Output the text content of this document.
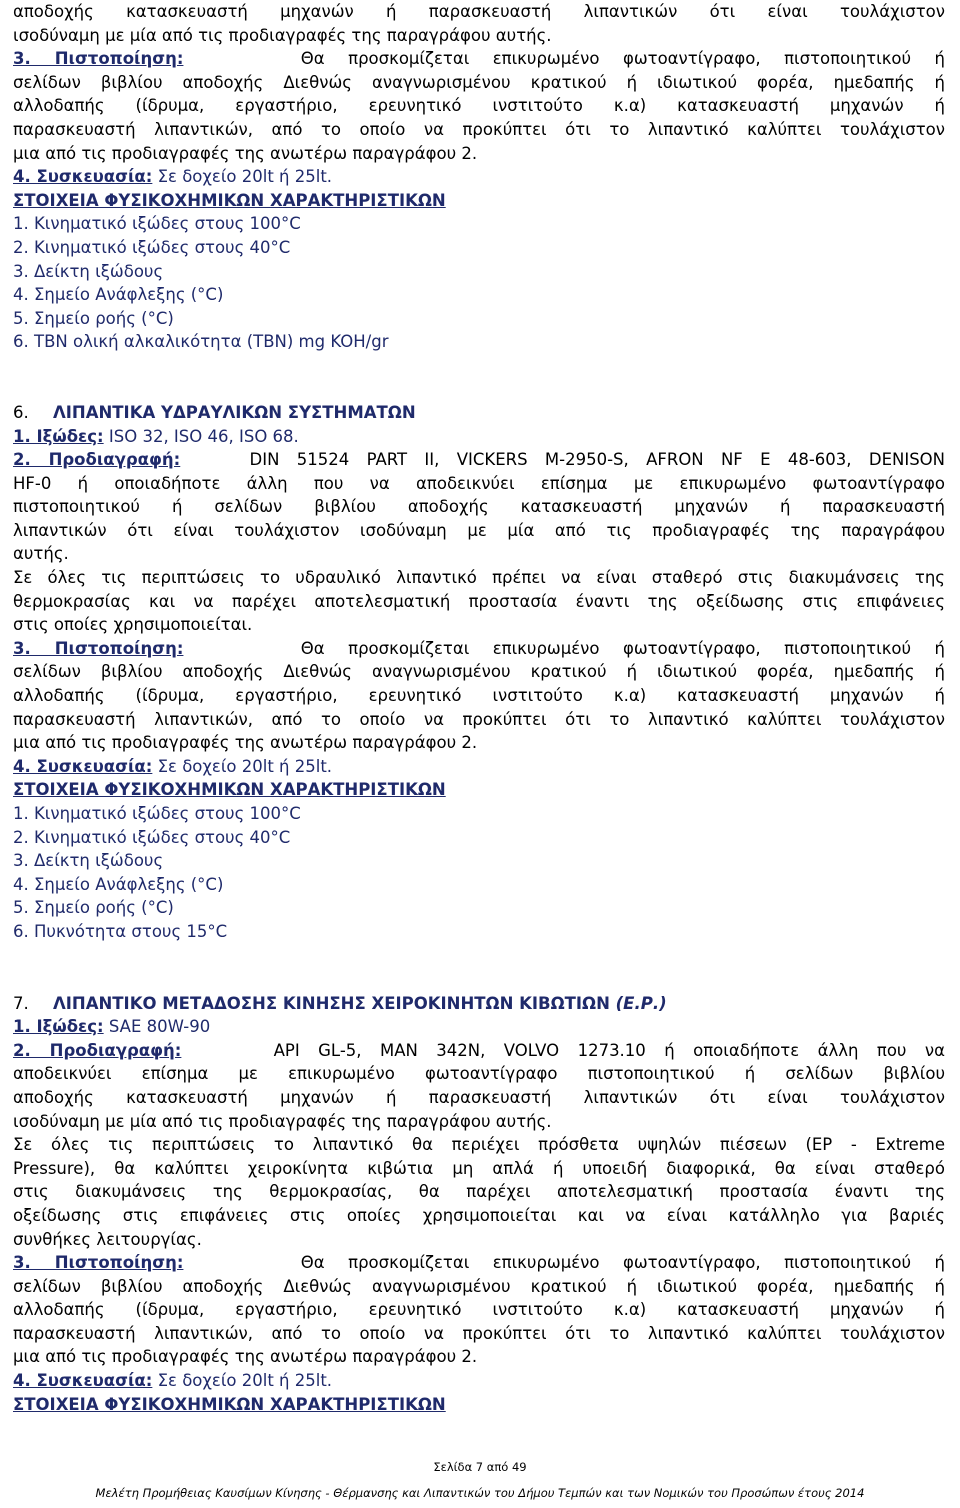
αποδοχής κατασκευαστή μηχανών ή παρασκευαστή λιπαντικών ότι είναι τουλάχιστον

ισοδύναμη με μία από τις προδιαγραφές της παραγράφου αυτής.

3. Πιστοποίηση:	Θα προσκομίζεται επικυρωμένο φωτοαντίγραφο, πιστοποιητικού ή

σελίδων βιβλίου αποδοχής Διεθνώς αναγνωρισμένου κρατικού ή ιδιωτικού φορέα, ημεδαπής ή

αλλοδαπής (ίδρυμα, εργαστήριο, ερευνητικό ινστιτούτο κ.α) κατασκευαστή μηχανών ή

παρασκευαστή λιπαντικών, από το οποίο να προκύπτει ότι το λιπαντικό καλύπτει τουλάχιστον

μια από τις προδιαγραφές της ανωτέρω παραγράφου 2.

4. Συσκευασία: Σε δοχείο 20lt ή 25lt.

ΣΤΟΙΧΕΙΑ ΦΥΣΙΚΟΧΗΜΙΚΩΝ ΧΑΡΑΚΤΗΡΙΣΤΙΚΩΝ

1. Κινηματικό ιξώδες στους 100°C

2. Κινηματικό ιξώδες στους 40°C

3. Δείκτη ιξώδους

4. Σημείο Ανάφλεξης (°C)

5. Σημείο ροής (°C)

6. TBN ολική αλκαλικότητα (TBN) mg KOH/gr

6. ΛΙΠΑΝΤΙΚΑ ΥΔΡΑΥΛΙΚΩΝ ΣΥΣΤΗΜΑΤΩΝ

1. Ιξώδες: ISO 32, ISO 46, ISO 68.

2. Προδιαγραφή:	DIN 51524 PART II, VICKERS M-2950-S, AFRON NF E 48-603, DENISON

HF-0 ή οποιαδήποτε άλλη που να αποδεικνύει επίσημα με επικυρωμένο φωτοαντίγραφο

πιστοποιητικού ή σελίδων βιβλίου αποδοχής κατασκευαστή μηχανών ή παρασκευαστή

λιπαντικών ότι είναι τουλάχιστον ισοδύναμη με μία από τις προδιαγραφές της παραγράφου

αυτής.

Σε όλες τις περιπτώσεις το υδραυλικό λιπαντικό πρέπει να είναι σταθερό στις διακυμάνσεις της

θερμοκρασίας και να παρέχει αποτελεσματική προστασία έναντι της οξείδωσης στις επιφάνειες

στις οποίες χρησιμοποιείται.

3. Πιστοποίηση:	Θα προσκομίζεται επικυρωμένο φωτοαντίγραφο, πιστοποιητικού ή

σελίδων βιβλίου αποδοχής Διεθνώς αναγνωρισμένου κρατικού ή ιδιωτικού φορέα, ημεδαπής ή

αλλοδαπής (ίδρυμα, εργαστήριο, ερευνητικό ινστιτούτο κ.α) κατασκευαστή μηχανών ή

παρασκευαστή λιπαντικών, από το οποίο να προκύπτει ότι το λιπαντικό καλύπτει τουλάχιστον

μια από τις προδιαγραφές της ανωτέρω παραγράφου 2.

4. Συσκευασία: Σε δοχείο 20lt ή 25lt.

ΣΤΟΙΧΕΙΑ ΦΥΣΙΚΟΧΗΜΙΚΩΝ ΧΑΡΑΚΤΗΡΙΣΤΙΚΩΝ

1. Κινηματικό ιξώδες στους 100°C

2. Κινηματικό ιξώδες στους 40°C

3. Δείκτη ιξώδους

4. Σημείο Ανάφλεξης (°C)

5. Σημείο ροής (°C)

6. Πυκνότητα στους 15°C

7. ΛΙΠΑΝΤΙΚΟ ΜΕΤΑΔΟΣΗΣ ΚΙΝΗΣΗΣ ΧΕΙΡΟΚΙΝΗΤΩΝ ΚΙΒΩΤΙΩΝ (Ε.Ρ.)

1. Ιξώδες: SAE 80W-90

2. Προδιαγραφή:	API GL-5, MAN 342N, VOLVO 1273.10 ή οποιαδήποτε άλλη που να

αποδεικνύει επίσημα με επικυρωμένο φωτοαντίγραφο πιστοποιητικού ή σελίδων βιβλίου

αποδοχής κατασκευαστή μηχανών ή παρασκευαστή λιπαντικών ότι είναι τουλάχιστον

ισοδύναμη με μία από τις προδιαγραφές της παραγράφου αυτής.

Σε όλες τις περιπτώσεις το λιπαντικό θα περιέχει πρόσθετα υψηλών πιέσεων (EP - Extreme

Pressure), θα καλύπτει χειροκίνητα κιβώτια μη απλά ή υποειδή διαφορικά, θα είναι σταθερό

στις διακυμάνσεις της θερμοκρασίας, θα παρέχει αποτελεσματική προστασία έναντι της

οξείδωσης στις επιφάνειες στις οποίες χρησιμοποιείται και να είναι κατάλληλο για βαριές

συνθήκες λειτουργίας.

3. Πιστοποίηση:	Θα προσκομίζεται επικυρωμένο φωτοαντίγραφο, πιστοποιητικού ή

σελίδων βιβλίου αποδοχής Διεθνώς αναγνωρισμένου κρατικού ή ιδιωτικού φορέα, ημεδαπής ή

αλλοδαπής (ίδρυμα, εργαστήριο, ερευνητικό ινστιτούτο κ.α) κατασκευαστή μηχανών ή

παρασκευαστή λιπαντικών, από το οποίο να προκύπτει ότι το λιπαντικό καλύπτει τουλάχιστον

μια από τις προδιαγραφές της ανωτέρω παραγράφου 2.

4. Συσκευασία: Σε δοχείο 20lt ή 25lt.

ΣΤΟΙΧΕΙΑ ΦΥΣΙΚΟΧΗΜΙΚΩΝ ΧΑΡΑΚΤΗΡΙΣΤΙΚΩΝ

Σελίδα 7 από 49
Μελέτη Προμήθειας Καυσίμων Κίνησης - Θέρμανσης και Λιπαντικών του Δήμου Τεμπών και των Νομικών του Προσώπων έτους 2014
